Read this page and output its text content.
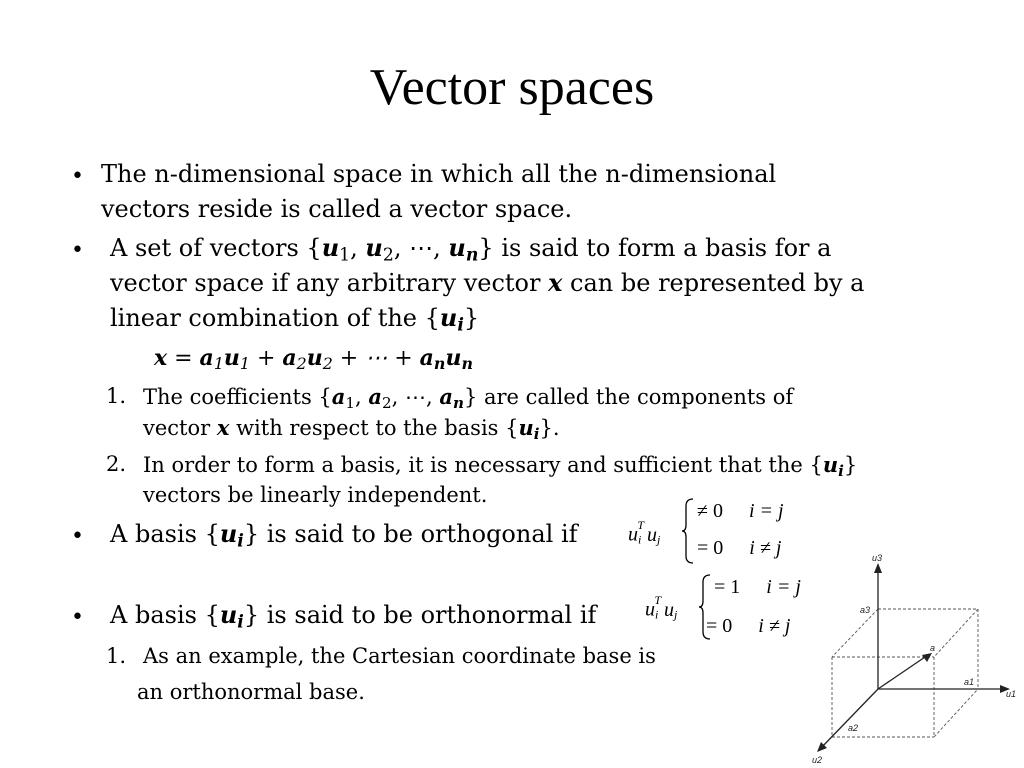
Vector spaces
• The n-dimensional space in which all the n-dimensional
vectors reside is called a vector space.
• A set of vectors {$u_1$, $u_2$, ⋯, $u_n$} is said to form a basis for a
vector space if any arbitrary vector x can be represented by a
linear combination of the $\{u_i\}$
$x = a_1u_1 + a_2u_2$ + ⋯ + $a_nu_n$
1. The coefficients {$a_1$, $a_2$, ⋯, $a_n$} are called the components of
vector x with respect to the basis $\{u_i\}$.
2. In order to form a basis, it is necessary and sufficient that the $\{u_i\}$
vectors be linearly independent.
• A basis $\{u_i\}$ is said to be orthogonal if	$u_i^T$ $u_j$
≠ 0 i = j
= 0 i ≠ j
• A basis $\{u_i\}$ is said to be orthonormal if $u_i^T$ $u_j$
= 1 i = j
= 0 i ≠ j
1. As an example, the Cartesian coordinate base is
an orthonormal base.
u3
u1
u2
a
a1
a2
a3
